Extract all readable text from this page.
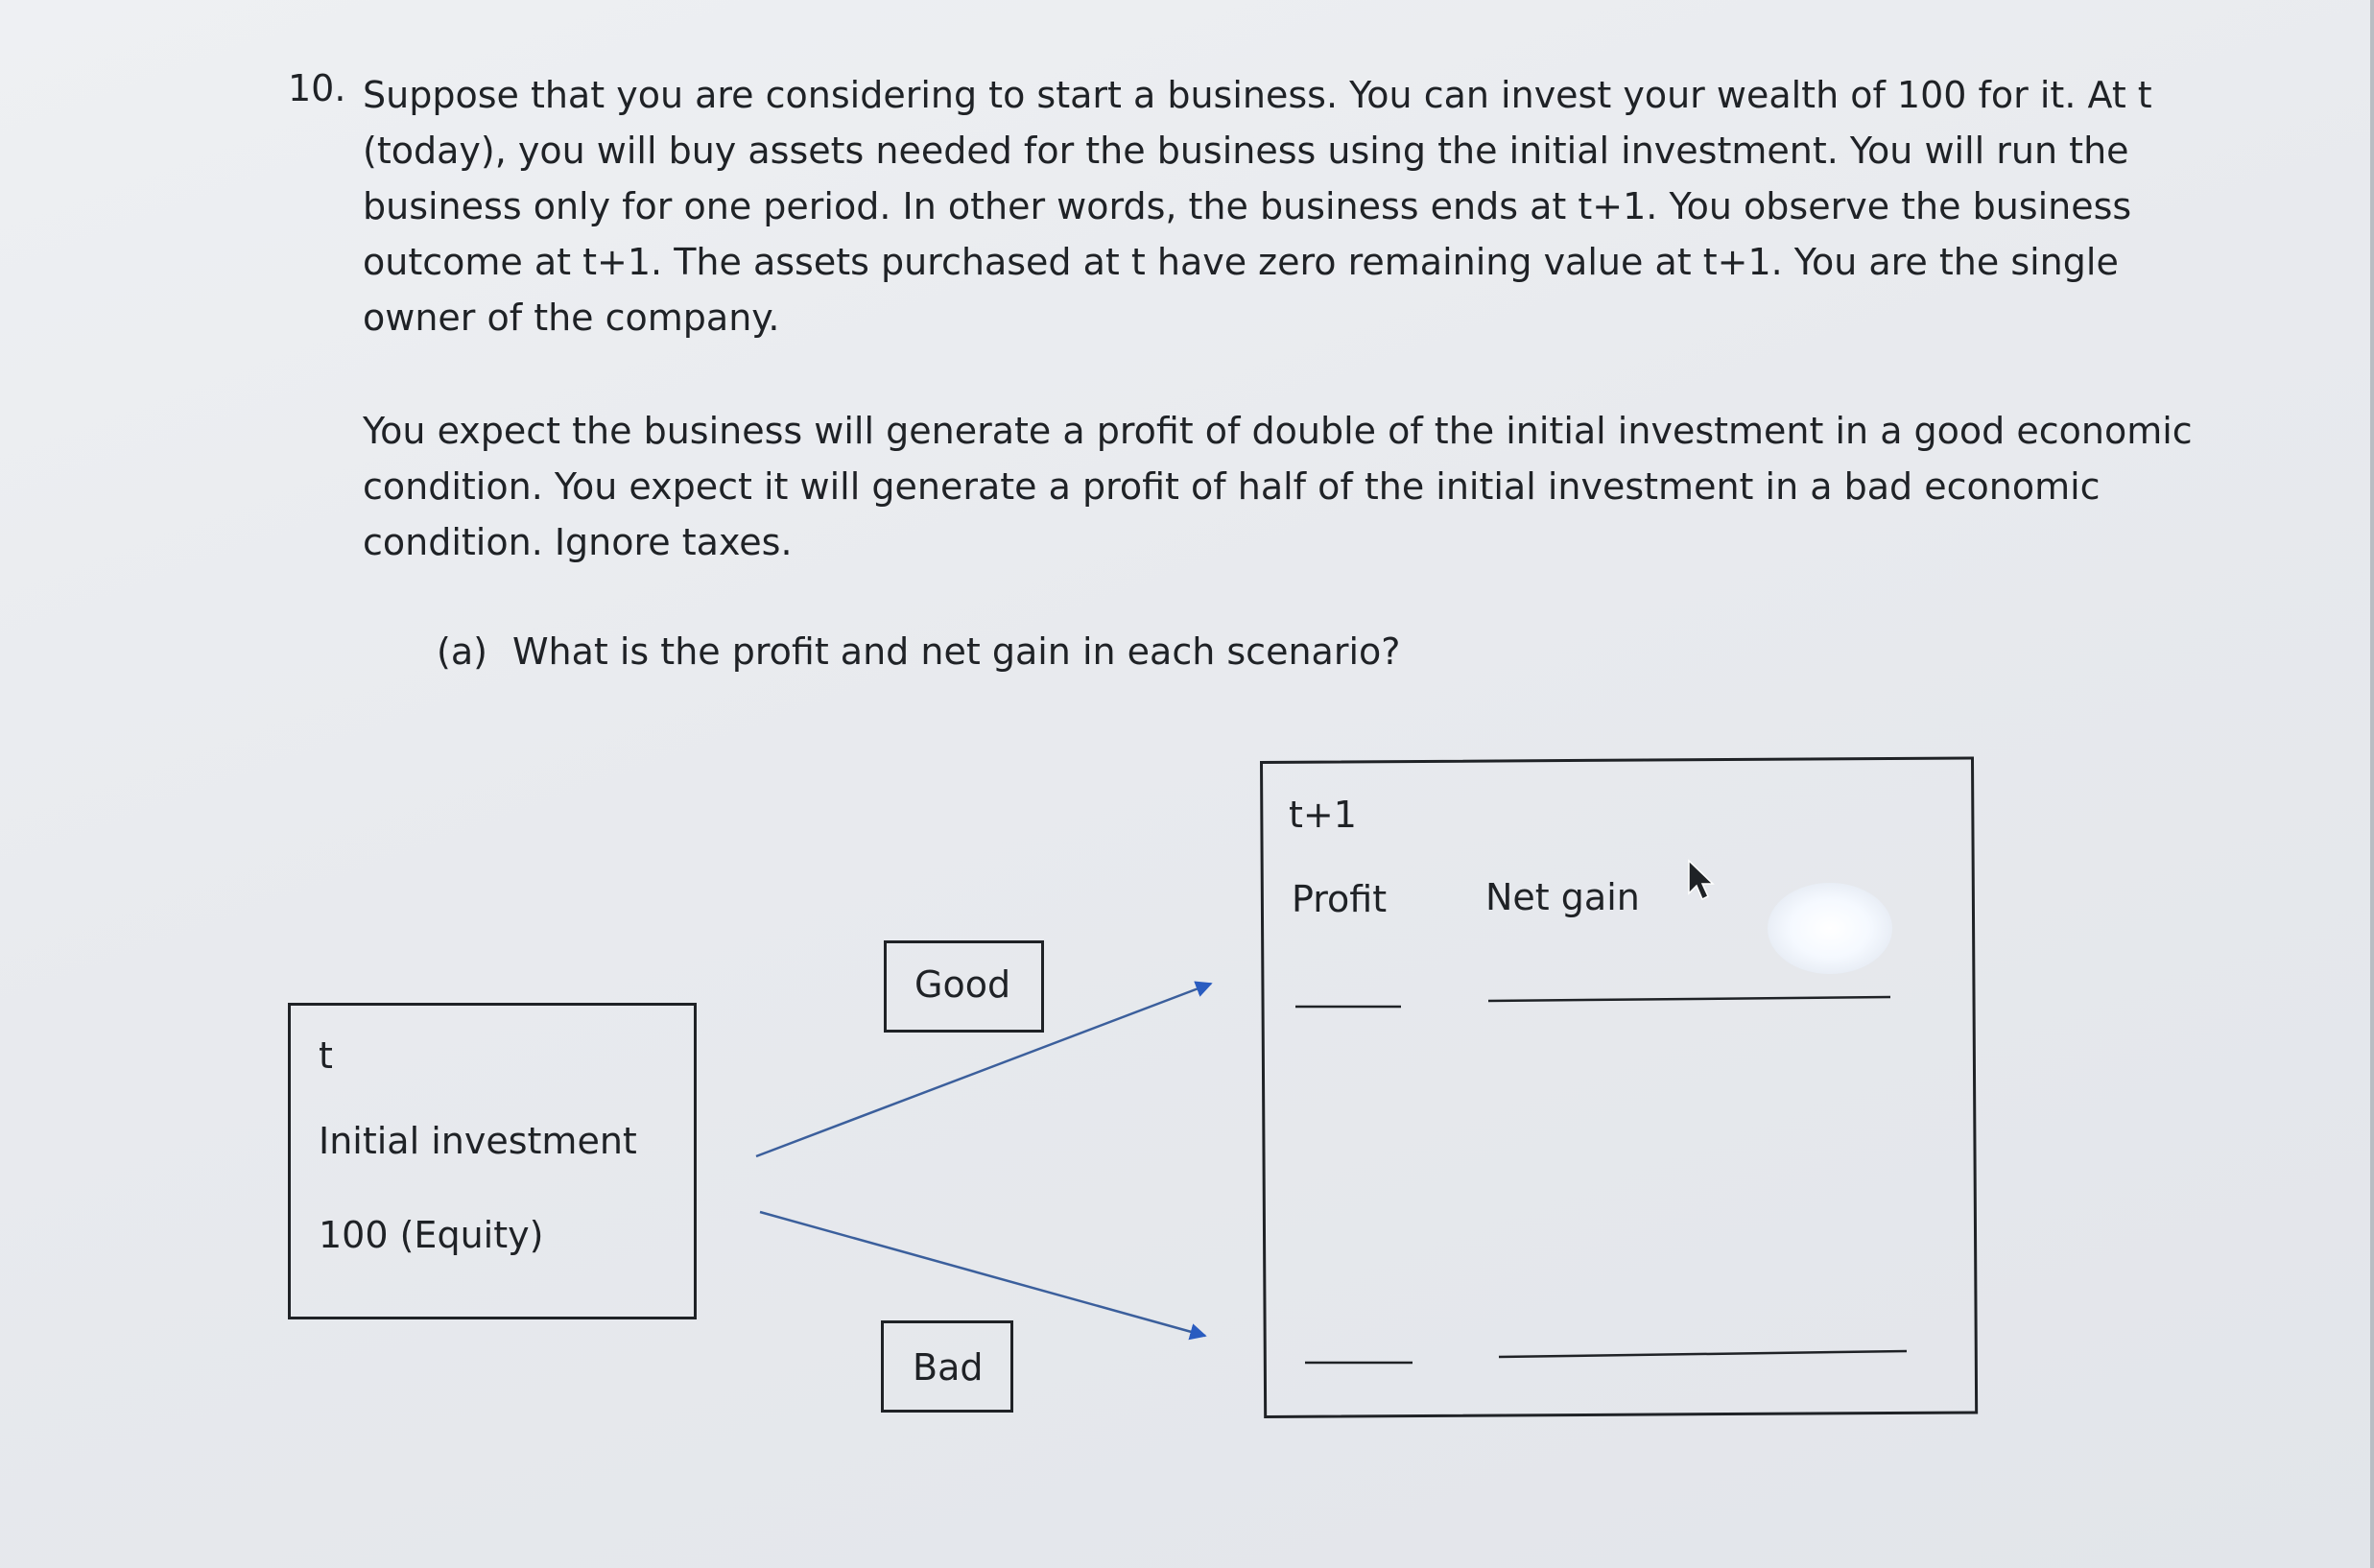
10. Suppose that you are considering to start a business. You can invest your wealth of 100 for it. At t
(today), you will buy assets needed for the business using the initial investment. You will run the
business only for one period. In other words, the business ends at t+1. You observe the business
outcome at t+1. The assets purchased at t have zero remaining value at t+1. You are the single
owner of the company.
You expect the business will generate a profit of double of the initial investment in a good economic
condition. You expect it will generate a profit of half of the initial investment in a bad economic
condition. Ignore taxes.
(a) What is the profit and net gain in each scenario?
t
Initial investment
100 (Equity)
Good
Bad
t+1
Profit	Net gain
